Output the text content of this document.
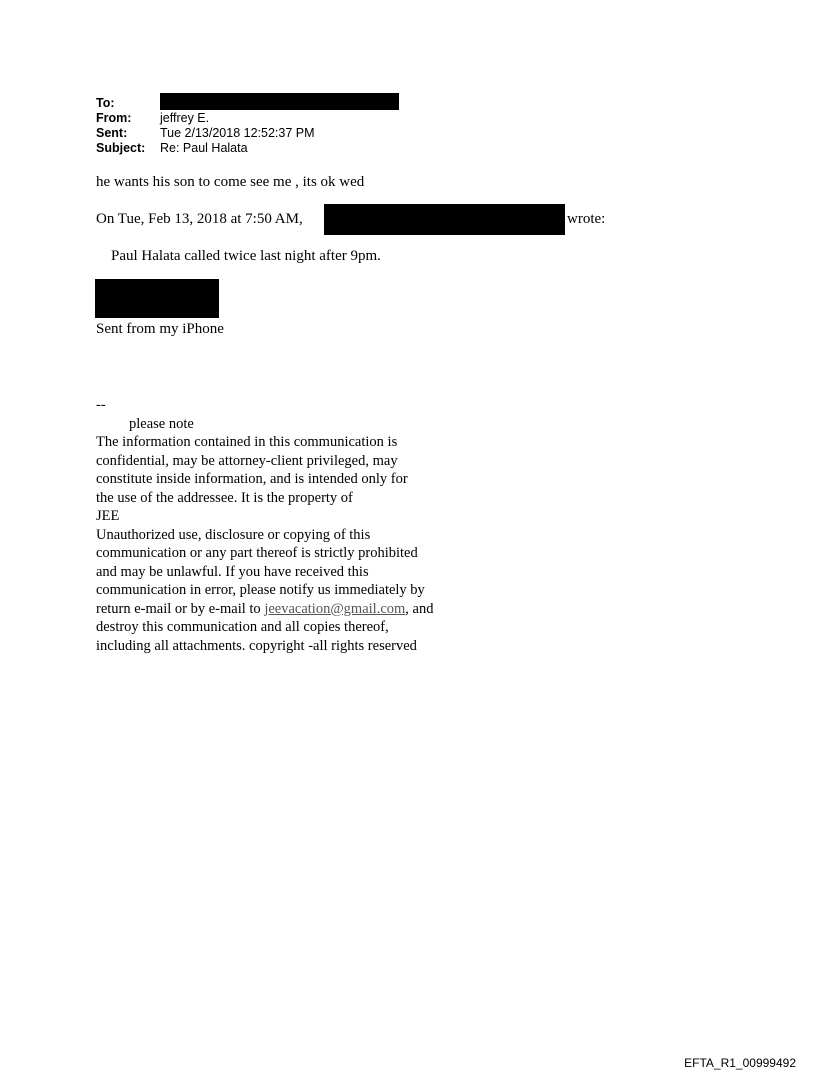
To:
From:	jeffrey E.
Sent:	Tue 2/13/2018 12:52:37 PM
Subject:	Re: Paul Halata
he wants his son to come see me , its ok wed
On Tue, Feb 13, 2018 at 7:50 AM,	wrote:
Paul Halata called twice last night after 9pm.
Sent from my iPhone
--
please note
The information contained in this communication is
confidential, may be attorney-client privileged, may
constitute inside information, and is intended only for
the use of the addressee. It is the property of
JEE
Unauthorized use, disclosure or copying of this
communication or any part thereof is strictly prohibited
and may be unlawful. If you have received this
communication in error, please notify us immediately by
return e-mail or by e-mail to jeevacation@gmail.com, and
destroy this communication and all copies thereof,
including all attachments. copyright -all rights reserved
EFTA_R1_00999492
